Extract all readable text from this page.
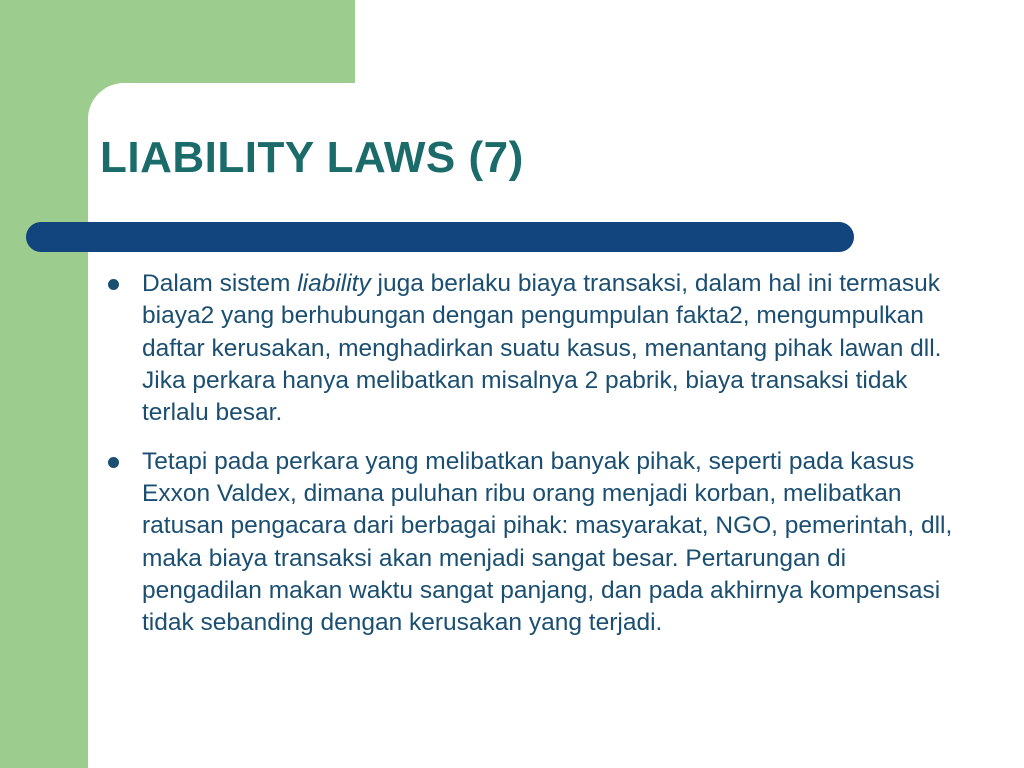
LIABILITY LAWS (7)
Dalam sistem liability juga berlaku biaya transaksi, dalam hal ini termasuk biaya2 yang berhubungan dengan pengumpulan fakta2, mengumpulkan daftar kerusakan, menghadirkan suatu kasus, menantang pihak lawan dll. Jika perkara hanya melibatkan misalnya 2 pabrik, biaya transaksi tidak terlalu besar.
Tetapi pada perkara yang melibatkan banyak pihak, seperti pada kasus Exxon Valdex, dimana puluhan ribu orang menjadi korban, melibatkan ratusan pengacara dari berbagai pihak: masyarakat, NGO, pemerintah, dll, maka biaya transaksi akan menjadi sangat besar. Pertarungan di pengadilan makan waktu sangat panjang, dan pada akhirnya kompensasi tidak sebanding dengan kerusakan yang terjadi.
